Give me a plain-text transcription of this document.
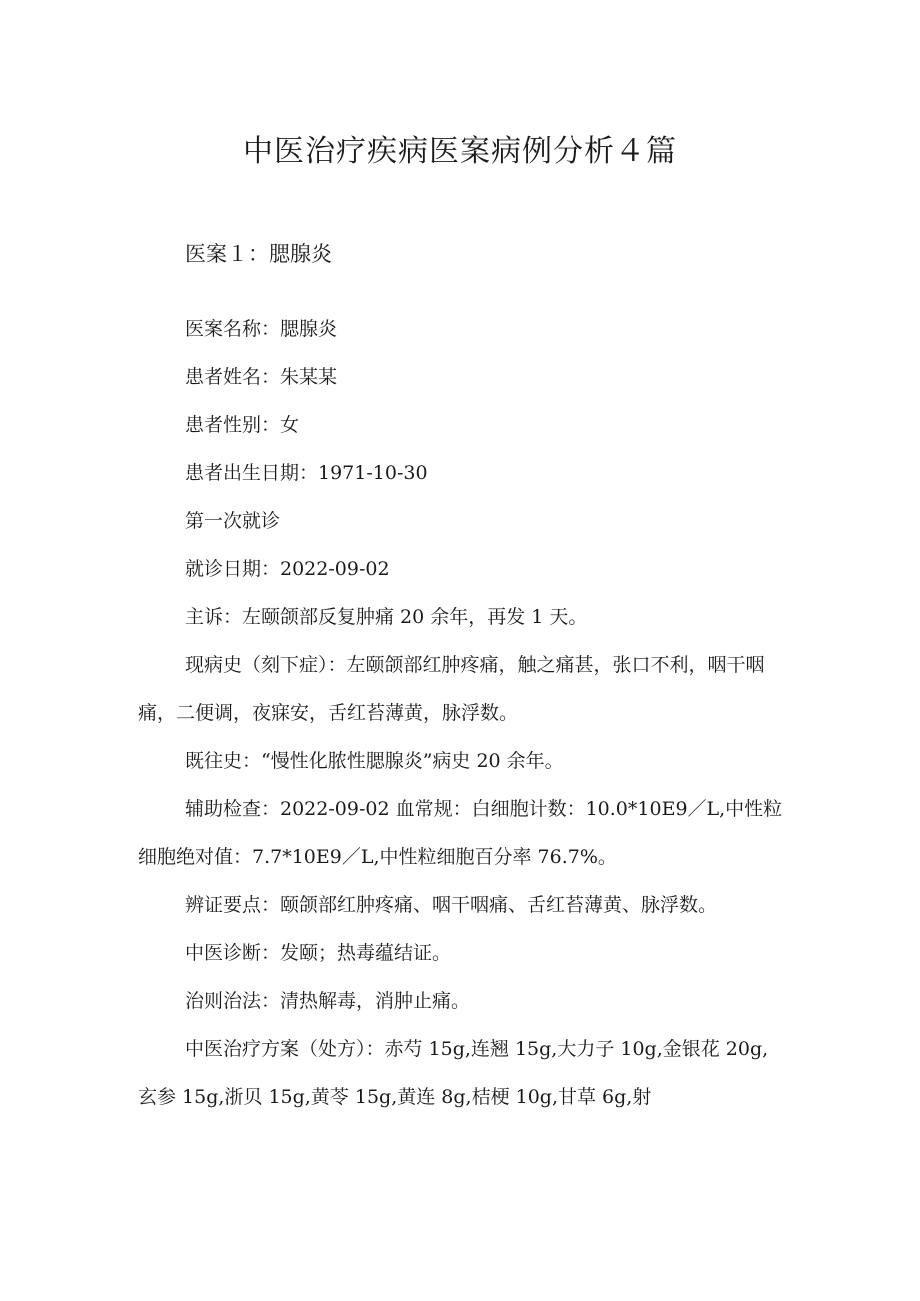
中医治疗疾病医案病例分析４篇
医案１：腮腺炎

医案名称：腮腺炎

患者姓名：朱某某

患者性别：女

患者出生日期：1971-10-30

第一次就诊

就诊日期：2022-09-02

主诉：左颐颌部反复肿痛 20 余年，再发 1 天。

现病史（刻下症）：左颐颌部红肿疼痛，触之痛甚，张口不利，咽干咽痛，二便调，夜寐安，舌红苔薄黄，脉浮数。

既往史：“慢性化脓性腮腺炎”病史 20 余年。

辅助检查：2022-09-02 血常规：白细胞计数：10.0*10E9／L,中性粒细胞绝对值：7.7*10E9／L,中性粒细胞百分率 76.7%。

辨证要点：颐颌部红肿疼痛、咽干咽痛、舌红苔薄黄、脉浮数。

中医诊断：发颐；热毒蕴结证。

治则治法：清热解毒，消肿止痛。

中医治疗方案（处方）：赤芍 15g,连翘 15g,大力子 10g,金银花 20g,玄参 15g,浙贝 15g,黄苓 15g,黄连 8g,桔梗 10g,甘草 6g,射
